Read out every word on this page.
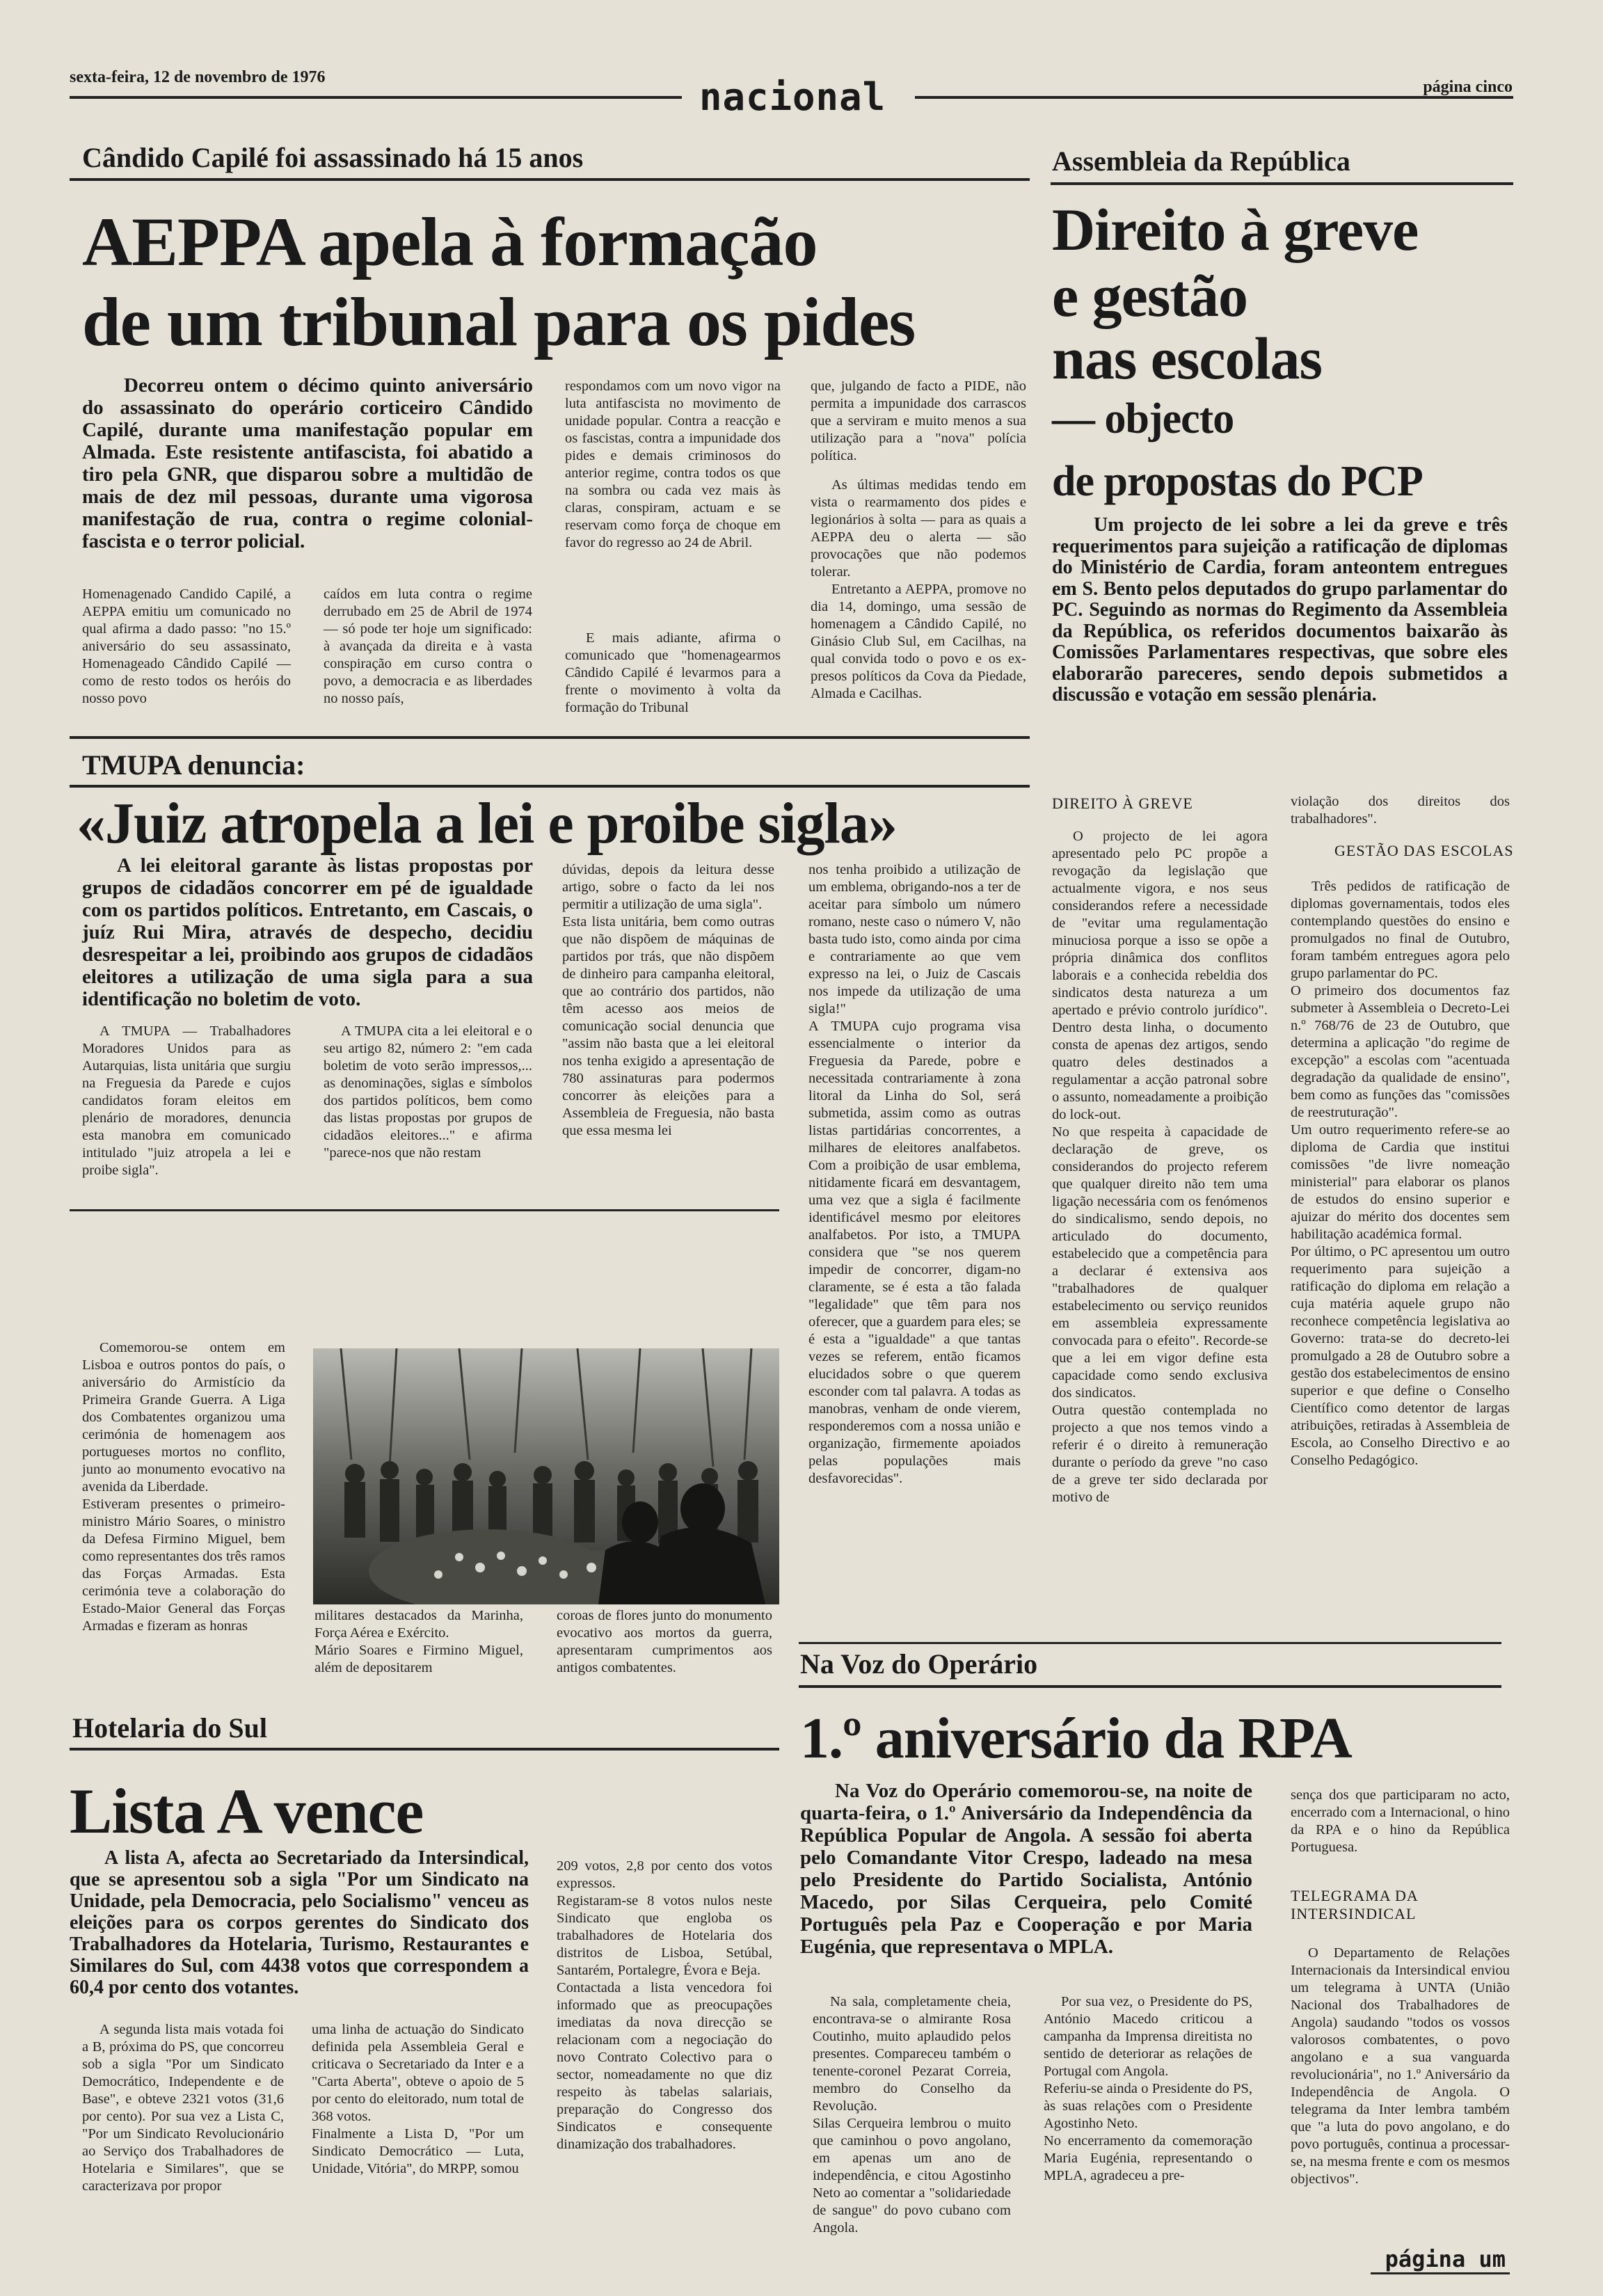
sexta-feira, 12 de novembro de 1976	nacional	página cinco
Cândido Capilé foi assassinado há 15 anos
AEPPA apela à formação
de um tribunal para os pides

Decorreu ontem o décimo quinto aniversário do assassinato do operário corticeiro Cândido Capilé, durante uma manifestação popular em Almada. Este resistente antifascista, foi abatido a tiro pela GNR, que disparou sobre a multidão de mais de dez mil pessoas, durante uma vigorosa manifestação de rua, contra o regime colonial-fascista e o terror policial.

Homenagenado Candido Capilé, a AEPPA emitiu um comunicado no qual afirma a dado passo: "no 15.º aniversário do seu assassinato, Homenageado Cândido Capilé — como de resto todos os heróis do nosso povo

caídos em luta contra o regime derrubado em 25 de Abril de 1974 — só pode ter hoje um significado: à avançada da direita e à vasta conspiração em curso contra o povo, a democracia e as liberdades no nosso país,

respondamos com um novo vigor na luta antifascista no movimento de unidade popular. Contra a reacção e os fascistas, contra a impunidade dos pides e demais criminosos do anterior regime, contra todos os que na sombra ou cada vez mais às claras, conspiram, actuam e se reservam como força de choque em favor do regresso ao 24 de Abril.

E mais adiante, afirma o comunicado que "homenagearmos Cândido Capilé é levarmos para a frente o movimento à volta da formação do Tribunal

que, julgando de facto a PIDE, não permita a impunidade dos carrascos que a serviram e muito menos a sua utilização para a "nova" polícia política.

As últimas medidas tendo em vista o rearmamento dos pides e legionários à solta — para as quais a AEPPA deu o alerta — são provocações que não podemos tolerar.

Entretanto a AEPPA, promove no dia 14, domingo, uma sessão de homenagem a Cândido Capilé, no Ginásio Club Sul, em Cacilhas, na qual convida todo o povo e os ex-presos políticos da Cova da Piedade, Almada e Cacilhas.

Assembleia da República
Direito à greve
e gestão
nas escolas
— objecto
de propostas do PCP

Um projecto de lei sobre a lei da greve e três requerimentos para sujeição a ratificação de diplomas do Ministério de Cardia, foram anteontem entregues em S. Bento pelos deputados do grupo parlamentar do PC. Seguindo as normas do Regimento da Assembleia da República, os referidos documentos baixarão às Comissões Parlamentares respectivas, que sobre eles elaborarão pareceres, sendo depois submetidos a discussão e votação em sessão plenária.

DIREITO À GREVE

O projecto de lei agora apresentado pelo PC propõe a revogação da legislação que actualmente vigora, e nos seus considerandos refere a necessidade de "evitar uma regulamentação minuciosa porque a isso se opõe a própria dinâmica dos conflitos laborais e a conhecida rebeldia dos sindicatos desta natureza a um apertado e prévio controlo jurídico". Dentro desta linha, o documento consta de apenas dez artigos, sendo quatro deles destinados a regulamentar a acção patronal sobre o assunto, nomeadamente a proibição do lock-out.
No que respeita à capacidade de declaração de greve, os considerandos do projecto referem que qualquer direito não tem uma ligação necessária com os fenómenos do sindicalismo, sendo depois, no articulado do documento, estabelecido que a competência para a declarar é extensiva aos "trabalhadores de qualquer estabelecimento ou serviço reunidos em assembleia expressamente convocada para o efeito". Recorde-se que a lei em vigor define esta capacidade como sendo exclusiva dos sindicatos.
Outra questão contemplada no projecto a que nos temos vindo a referir é o direito à remuneração durante o período da greve "no caso de a greve ter sido declarada por motivo de

violação dos direitos dos trabalhadores".

GESTÃO DAS ESCOLAS

Três pedidos de ratificação de diplomas governamentais, todos eles contemplando questões do ensino e promulgados no final de Outubro, foram também entregues agora pelo grupo parlamentar do PC.
O primeiro dos documentos faz submeter à Assembleia o Decreto-Lei n.º 768/76 de 23 de Outubro, que determina a aplicação "do regime de excepção" a escolas com "acentuada degradação da qualidade de ensino", bem como as funções das "comissões de reestruturação".
Um outro requerimento refere-se ao diploma de Cardia que institui comissões "de livre nomeação ministerial" para elaborar os planos de estudos do ensino superior e ajuizar do mérito dos docentes sem habilitação académica formal.
Por último, o PC apresentou um outro requerimento para sujeição a ratificação do diploma em relação a cuja matéria aquele grupo não reconhece competência legislativa ao Governo: trata-se do decreto-lei promulgado a 28 de Outubro sobre a gestão dos estabelecimentos de ensino superior e que define o Conselho Científico como detentor de largas atribuições, retiradas à Assembleia de Escola, ao Conselho Directivo e ao Conselho Pedagógico.

TMUPA denuncia:
«Juiz atropela a lei e proibe sigla»

A lei eleitoral garante às listas propostas por grupos de cidadãos concorrer em pé de igualdade com os partidos políticos. Entretanto, em Cascais, o juíz Rui Mira, através de despecho, decidiu desrespeitar a lei, proibindo aos grupos de cidadãos eleitores a utilização de uma sigla para a sua identificação no boletim de voto.

A TMUPA — Trabalhadores Moradores Unidos para as Autarquias, lista unitária que surgiu na Freguesia da Parede e cujos candidatos foram eleitos em plenário de moradores, denuncia esta manobra em comunicado intitulado "juiz atropela a lei e proibe sigla".

A TMUPA cita a lei eleitoral e o seu artigo 82, número 2: "em cada boletim de voto serão impressos,... as denominações, siglas e símbolos dos partidos políticos, bem como das listas propostas por grupos de cidadãos eleitores..." e afirma "parece-nos que não restam

dúvidas, depois da leitura desse artigo, sobre o facto da lei nos permitir a utilização de uma sigla".
Esta lista unitária, bem como outras que não dispõem de máquinas de partidos por trás, que não dispõem de dinheiro para campanha eleitoral, que ao contrário dos partidos, não têm acesso aos meios de comunicação social denuncia que "assim não basta que a lei eleitoral nos tenha exigido a apresentação de 780 assinaturas para podermos concorrer às eleições para a Assembleia de Freguesia, não basta que essa mesma lei

nos tenha proibido a utilização de um emblema, obrigando-nos a ter de aceitar para símbolo um número romano, neste caso o número V, não basta tudo isto, como ainda por cima e contrariamente ao que vem expresso na lei, o Juiz de Cascais nos impede da utilização de uma sigla!"
A TMUPA cujo programa visa essencialmente o interior da Freguesia da Parede, pobre e necessitada contrariamente à zona litoral da Linha do Sol, será submetida, assim como as outras listas partidárias concorrentes, a milhares de eleitores analfabetos. Com a proibição de usar emblema, nitidamente ficará em desvantagem, uma vez que a sigla é facilmente identificável mesmo por eleitores analfabetos. Por isto, a TMUPA considera que "se nos querem impedir de concorrer, digam-no claramente, se é esta a tão falada "legalidade" que têm para nos oferecer, que a guardem para eles; se é esta a "igualdade" a que tantas vezes se referem, então ficamos elucidados sobre o que querem esconder com tal palavra. A todas as manobras, venham de onde vierem, responderemos com a nossa união e organização, firmemente apoiados pelas populações mais desfavorecidas".

Comemorou-se ontem em Lisboa e outros pontos do país, o aniversário do Armistício da Primeira Grande Guerra. A Liga dos Combatentes organizou uma cerimónia de homenagem aos portugueses mortos no conflito, junto ao monumento evocativo na avenida da Liberdade.
Estiveram presentes o primeiro-ministro Mário Soares, o ministro da Defesa Firmino Miguel, bem como representantes dos três ramos das Forças Armadas. Esta cerimónia teve a colaboração do Estado-Maior General das Forças Armadas e fizeram as honras

militares destacados da Marinha, Força Aérea e Exército.
Mário Soares e Firmino Miguel, além de depositarem

coroas de flores junto do monumento evocativo aos mortos da guerra, apresentaram cumprimentos aos antigos combatentes.

Hotelaria do Sul
Lista A vence

A lista A, afecta ao Secretariado da Intersindical, que se apresentou sob a sigla "Por um Sindicato na Unidade, pela Democracia, pelo Socialismo" venceu as eleições para os corpos gerentes do Sindicato dos Trabalhadores da Hotelaria, Turismo, Restaurantes e Similares do Sul, com 4438 votos que correspondem a 60,4 por cento dos votantes.

A segunda lista mais votada foi a B, próxima do PS, que concorreu sob a sigla "Por um Sindicato Democrático, Independente e de Base", e obteve 2321 votos (31,6 por cento). Por sua vez a Lista C, "Por um Sindicato Revolucionário ao Serviço dos Trabalhadores de Hotelaria e Similares", que se caracterizava por propor

uma linha de actuação do Sindicato definida pela Assembleia Geral e criticava o Secretariado da Inter e a "Carta Aberta", obteve o apoio de 5 por cento do eleitorado, num total de 368 votos.
Finalmente a Lista D, "Por um Sindicato Democrático — Luta, Unidade, Vitória", do MRPP, somou

209 votos, 2,8 por cento dos votos expressos.
Registaram-se 8 votos nulos neste Sindicato que engloba os trabalhadores de Hotelaria dos distritos de Lisboa, Setúbal, Santarém, Portalegre, Évora e Beja.
Contactada a lista vencedora foi informado que as preocupações imediatas da nova direcção se relacionam com a negociação do novo Contrato Colectivo para o sector, nomeadamente no que diz respeito às tabelas salariais, preparação do Congresso dos Sindicatos e consequente dinamização dos trabalhadores.

Na Voz do Operário
1.º aniversário da RPA

Na Voz do Operário comemorou-se, na noite de quarta-feira, o 1.º Aniversário da Independência da República Popular de Angola. A sessão foi aberta pelo Comandante Vitor Crespo, ladeado na mesa pelo Presidente do Partido Socialista, António Macedo, por Silas Cerqueira, pelo Comité Português pela Paz e Cooperação e por Maria Eugénia, que representava o MPLA.

Na sala, completamente cheia, encontrava-se o almirante Rosa Coutinho, muito aplaudido pelos presentes. Compareceu também o tenente-coronel Pezarat Correia, membro do Conselho da Revolução.
Silas Cerqueira lembrou o muito que caminhou o povo angolano, em apenas um ano de independência, e citou Agostinho Neto ao comentar a "solidariedade de sangue" do povo cubano com Angola.

Por sua vez, o Presidente do PS, António Macedo criticou a campanha da Imprensa direitista no sentido de deteriorar as relações de Portugal com Angola.
Referiu-se ainda o Presidente do PS, às suas relações com o Presidente Agostinho Neto.
No encerramento da comemoração Maria Eugénia, representando o MPLA, agradeceu a pre-

sença dos que participaram no acto, encerrado com a Internacional, o hino da RPA e o hino da República Portuguesa.

TELEGRAMA DA INTERSINDICAL

O Departamento de Relações Internacionais da Intersindical enviou um telegrama à UNTA (União Nacional dos Trabalhadores de Angola) saudando "todos os vossos valorosos combatentes, o povo angolano e a sua vanguarda revolucionária", no 1.º Aniversário da Independência de Angola. O telegrama da Inter lembra também que "a luta do povo angolano, e do povo português, continua a processar-se, na mesma frente e com os mesmos objectivos".

página um
